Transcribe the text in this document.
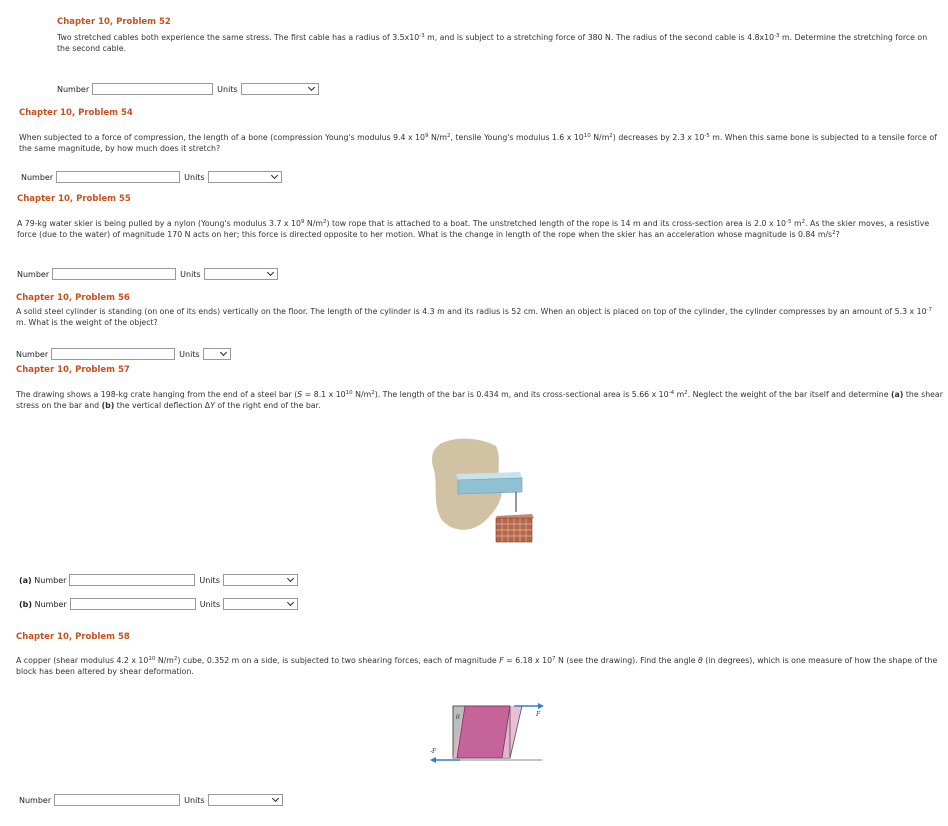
Chapter 10, Problem 52
Two stretched cables both experience the same stress. The first cable has a radius of $3.5x10^{-3}$ m, and is subject to a stretching force of 380 N. The radius of the second cable is $4.8x10^{-3}$ m. Determine the stretching force on the second cable.
Number	Units
Chapter 10, Problem 54
When subjected to a force of compression, the length of a bone (compression Young's modulus 9.4 x $10^9$ $N/m^2$, tensile Young's modulus 1.6 x $10^{10}$ $N/m^2$) decreases by 2.3 x $10^{-5}$ m. When this same bone is subjected to a tensile force of the same magnitude, by how much does it stretch?
Number	Units
Chapter 10, Problem 55
A 79-kg water skier is being pulled by a nylon (Young's modulus 3.7 x $10^9$ $N/m^2$) tow rope that is attached to a boat. The unstretched length of the rope is 14 m and its cross-section area is 2.0 x $10^{-5}$ $m^2$. As the skier moves, a resistive force (due to the water) of magnitude 170 N acts on her; this force is directed opposite to her motion. What is the change in length of the rope when the skier has an acceleration whose magnitude is 0.84 $m/s^2$?
Number	Units
Chapter 10, Problem 56
A solid steel cylinder is standing (on one of its ends) vertically on the floor. The length of the cylinder is 4.3 m and its radius is 52 cm. When an object is placed on top of the cylinder, the cylinder compresses by an amount of 5.3 x $10^{-7}$ m. What is the weight of the object?
Number	Units
Chapter 10, Problem 57
The drawing shows a 198-kg crate hanging from the end of a steel bar (S = 8.1 x $10^{10}$ $N/m^2$). The length of the bar is 0.434 m, and its cross-sectional area is 5.66 x $10^{-4}$ $m^2$. Neglect the weight of the bar itself and determine (a) the shear stress on the bar and (b) the vertical deflection ΔY of the right end of the bar.
(a) Number	Units
(b) Number	Units
Chapter 10, Problem 58
A copper (shear modulus 4.2 x $10^{10}$ $N/m^2$) cube, 0.352 m on a side, is subjected to two shearing forces, each of magnitude F = 6.18 x $10^7$ N (see the drawing). Find the angle θ (in degrees), which is one measure of how the shape of the block has been altered by shear deformation.
θ	F
-F
Number	Units
